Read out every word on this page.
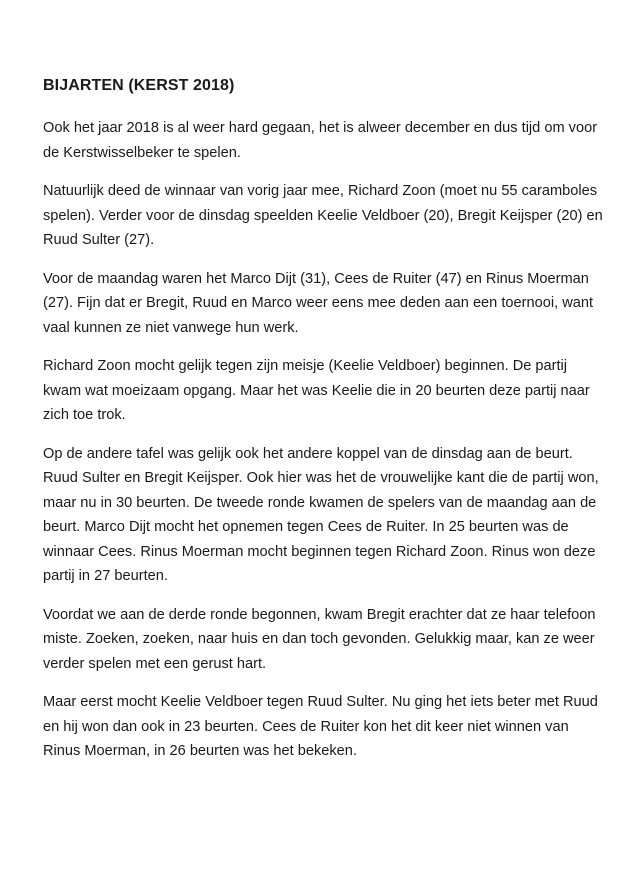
BIJARTEN (KERST 2018)

Ook het jaar 2018 is al weer hard gegaan, het is alweer december en dus tijd om voor de Kerstwisselbeker te spelen.

Natuurlijk deed de winnaar van vorig jaar mee, Richard Zoon (moet nu 55 caramboles spelen). Verder voor de dinsdag speelden Keelie Veldboer (20), Bregit Keijsper (20) en Ruud Sulter (27).

Voor de maandag waren het Marco Dijt (31), Cees de Ruiter (47) en Rinus Moerman (27). Fijn dat er Bregit, Ruud en Marco weer eens mee deden aan een toernooi, want vaal kunnen ze niet vanwege hun werk.

Richard Zoon mocht gelijk tegen zijn meisje (Keelie Veldboer) beginnen. De partij kwam wat moeizaam opgang. Maar het was Keelie die in 20 beurten deze partij naar zich toe trok.

Op de andere tafel was gelijk ook het andere koppel van de dinsdag aan de beurt. Ruud Sulter en Bregit Keijsper. Ook hier was het de vrouwelijke kant die de partij won, maar nu in 30 beurten. De tweede ronde kwamen de spelers van de maandag aan de beurt. Marco Dijt mocht het opnemen tegen Cees de Ruiter. In 25 beurten was de winnaar Cees. Rinus Moerman mocht beginnen tegen Richard Zoon. Rinus won deze partij in 27 beurten.

Voordat we aan de derde ronde begonnen, kwam Bregit erachter dat ze haar telefoon miste. Zoeken, zoeken, naar huis en dan toch gevonden. Gelukkig maar, kan ze weer verder spelen met een gerust hart.

Maar eerst mocht Keelie Veldboer tegen Ruud Sulter. Nu ging het iets beter met Ruud en hij won dan ook in 23 beurten. Cees de Ruiter kon het dit keer niet winnen van Rinus Moerman, in 26 beurten was het bekeken.
